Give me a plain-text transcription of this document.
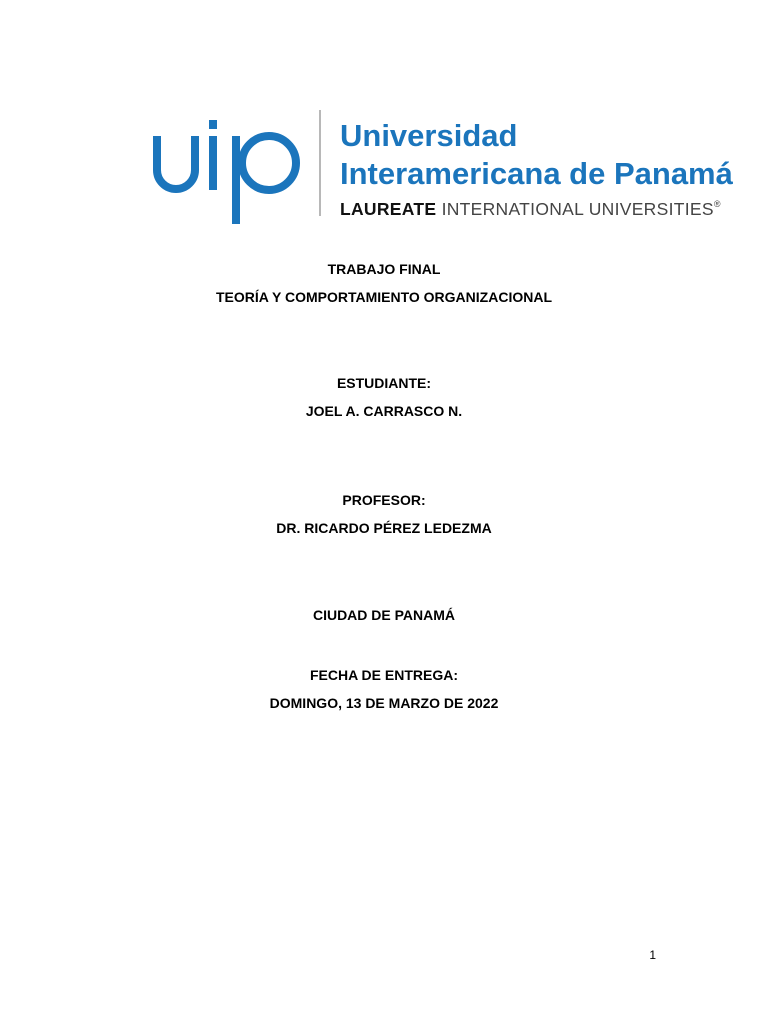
Universidad
Interamericana de Panamá
LAUREATE INTERNATIONAL UNIVERSITIES®
TRABAJO FINAL
TEORÍA Y COMPORTAMIENTO ORGANIZACIONAL
ESTUDIANTE:
JOEL A. CARRASCO N.
PROFESOR:
DR. RICARDO PÉREZ LEDEZMA
CIUDAD DE PANAMÁ
FECHA DE ENTREGA:
DOMINGO, 13 DE MARZO DE 2022
1
